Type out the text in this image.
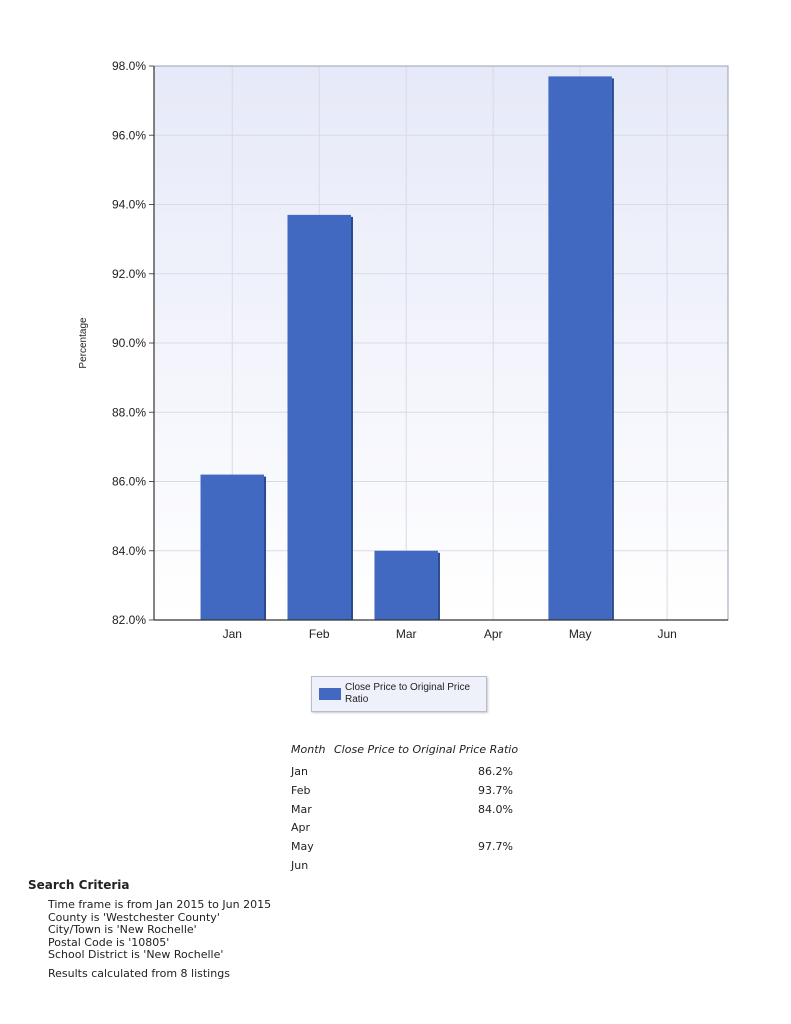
82.0%
84.0%
86.0%
88.0%
90.0%
92.0%
94.0%
96.0%
98.0%
Jan	Feb	Mar	Apr	May	Jun
Percentage
Close Price to Original Price Ratio
Month Close Price to Original Price Ratio
Jan	86.2%
Feb	93.7%
Mar	84.0%
Apr
May	97.7%
Jun
Search Criteria
Time frame is from Jan 2015 to Jun 2015
County is 'Westchester County'
City/Town is 'New Rochelle'
Postal Code is '10805'
School District is 'New Rochelle'
Results calculated from 8 listings
